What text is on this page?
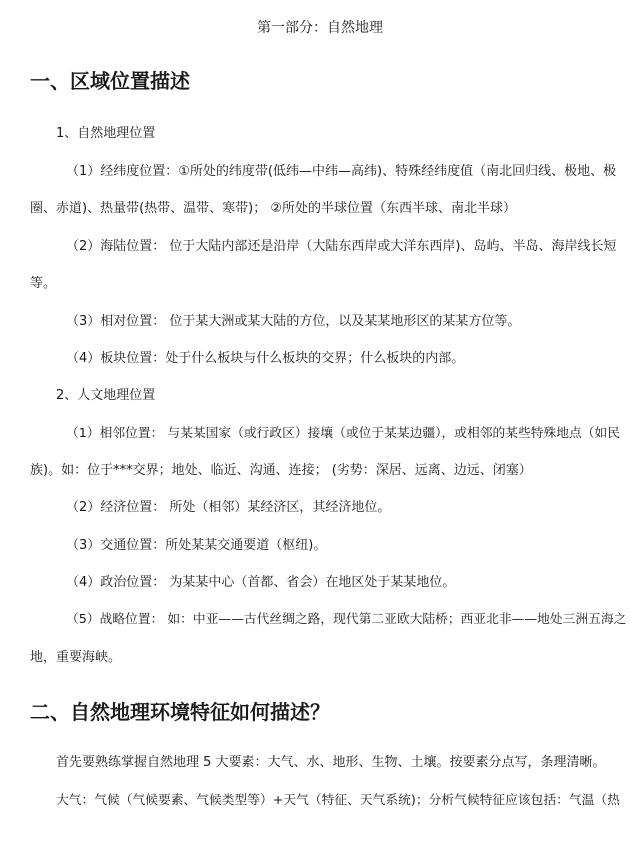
第一部分：自然地理
一、区域位置描述
1、自然地理位置
（1）经纬度位置：①所处的纬度带(低纬—中纬—高纬)、特殊经纬度值（南北回归线、极地、极
圈、赤道)、热量带(热带、温带、寒带)； ②所处的半球位置（东西半球、南北半球）
（2）海陆位置： 位于大陆内部还是沿岸（大陆东西岸或大洋东西岸)、岛屿、半岛、海岸线长短
等。
（3）相对位置： 位于某大洲或某大陆的方位，以及某某地形区的某某方位等。
（4）板块位置：处于什么板块与什么板块的交界；什么板块的内部。
2、人文地理位置
（1）相邻位置： 与某某国家（或行政区）接壤（或位于某某边疆），或相邻的某些特殊地点（如民
族)。如：位于***交界；地处、临近、沟通、连接； (劣势：深居、远离、边远、闭塞）
（2）经济位置： 所处（相邻）某经济区，其经济地位。
（3）交通位置：所处某某交通要道（枢纽)。
（4）政治位置： 为某某中心（首都、省会）在地区处于某某地位。
（5）战略位置： 如：中亚——古代丝绸之路，现代第二亚欧大陆桥；西亚北非——地处三洲五海之
地，重要海峡。
二、自然地理环境特征如何描述？
首先要熟练掌握自然地理 5 大要素：大气、水、地形、生物、土壤。按要素分点写，条理清晰。
大气：气候（气候要素、气候类型等）+天气（特征、天气系统)；分析气候特征应该包括：气温（热
